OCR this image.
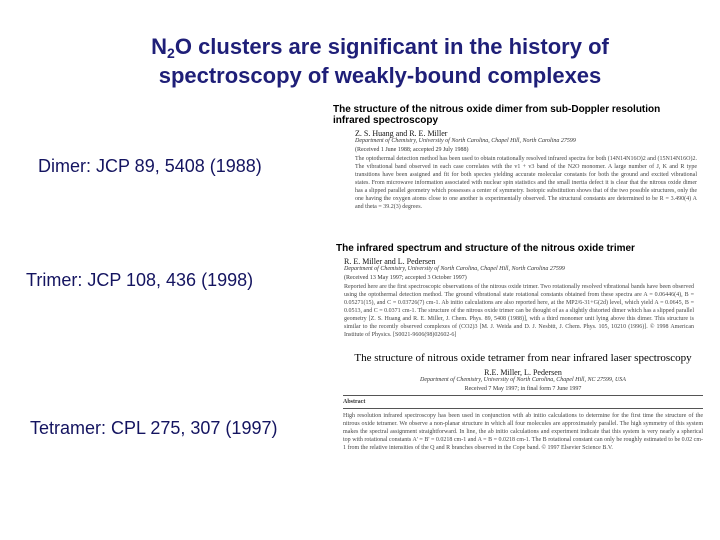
$N_2O$ clusters are significant in the history of
spectroscopy of weakly-bound complexes
Dimer: JCP 89, 5408 (1988)
Trimer: JCP 108, 436 (1998)
Tetramer: CPL 275, 307 (1997)
The structure of the nitrous oxide dimer from sub-Doppler resolution infrared spectroscopy
Z. S. Huang and R. E. Miller
Department of Chemistry, University of North Carolina, Chapel Hill, North Carolina 27599
(Received 1 June 1988; accepted 29 July 1988)
The optothermal detection method has been used to obtain rotationally resolved infrared spectra for both (14N14N16O)2 and (15N14N16O)2. The vibrational band observed in each case correlates with the v1 + v3 band of the N2O monomer. A large number of J, K and R type transitions have been assigned and fit for both species yielding accurate molecular constants for both the ground and excited vibrational states. From microwave information associated with nuclear spin statistics and the small inertia defect it is clear that the nitrous oxide dimer has a slipped parallel geometry which possesses a center of symmetry. Isotopic substitution shows that of the two possible structures, only the one having the oxygen atoms close to one another is experimentally observed. The structural constants are determined to be R = 3.490(4) A and theta = 39.2(3) degrees.
The infrared spectrum and structure of the nitrous oxide trimer
R. E. Miller and L. Pedersen
Department of Chemistry, University of North Carolina, Chapel Hill, North Carolina 27599
(Received 13 May 1997; accepted 3 October 1997)
Reported here are the first spectroscopic observations of the nitrous oxide trimer. Two rotationally resolved vibrational bands have been observed using the optothermal detection method. The ground vibrational state rotational constants obtained from these spectra are A = 0.06446(4), B = 0.05271(15), and C = 0.03726(7) cm-1. Ab initio calculations are also reported here, at the MP2/6-31+G(2d) level, which yield A = 0.0645, B = 0.0513, and C = 0.0371 cm-1. The structure of the nitrous oxide trimer can be thought of as a slightly distorted dimer which has a slipped parallel geometry [Z. S. Huang and R. E. Miller, J. Chem. Phys. 89, 5408 (1988)], with a third monomer unit lying above this dimer. This structure is similar to the recently observed complexes of (CO2)3 [M. J. Weida and D. J. Nesbitt, J. Chem. Phys. 105, 10210 (1996)]. © 1998 American Institute of Physics. [S0021-9606(98)02602-6]
The structure of nitrous oxide tetramer from near infrared laser spectroscopy
R.E. Miller, L. Pedersen
Department of Chemistry, University of North Carolina, Chapel Hill, NC 27599, USA
Received 7 May 1997; in final form 7 June 1997
Abstract
High resolution infrared spectroscopy has been used in conjunction with ab initio calculations to determine for the first time the structure of the nitrous oxide tetramer. We observe a non-planar structure in which all four molecules are approximately parallel. The high symmetry of this system makes the spectral assignment straightforward. In line, the ab initio calculations and experiment indicate that this system is very nearly a spherical top with rotational constants A' = B' = 0.0218 cm-1 and A = B = 0.0218 cm-1. The B rotational constant can only be roughly estimated to be 0.02 cm-1 from the relative intensities of the Q and R branches observed in the Cope band. © 1997 Elsevier Science B.V.
